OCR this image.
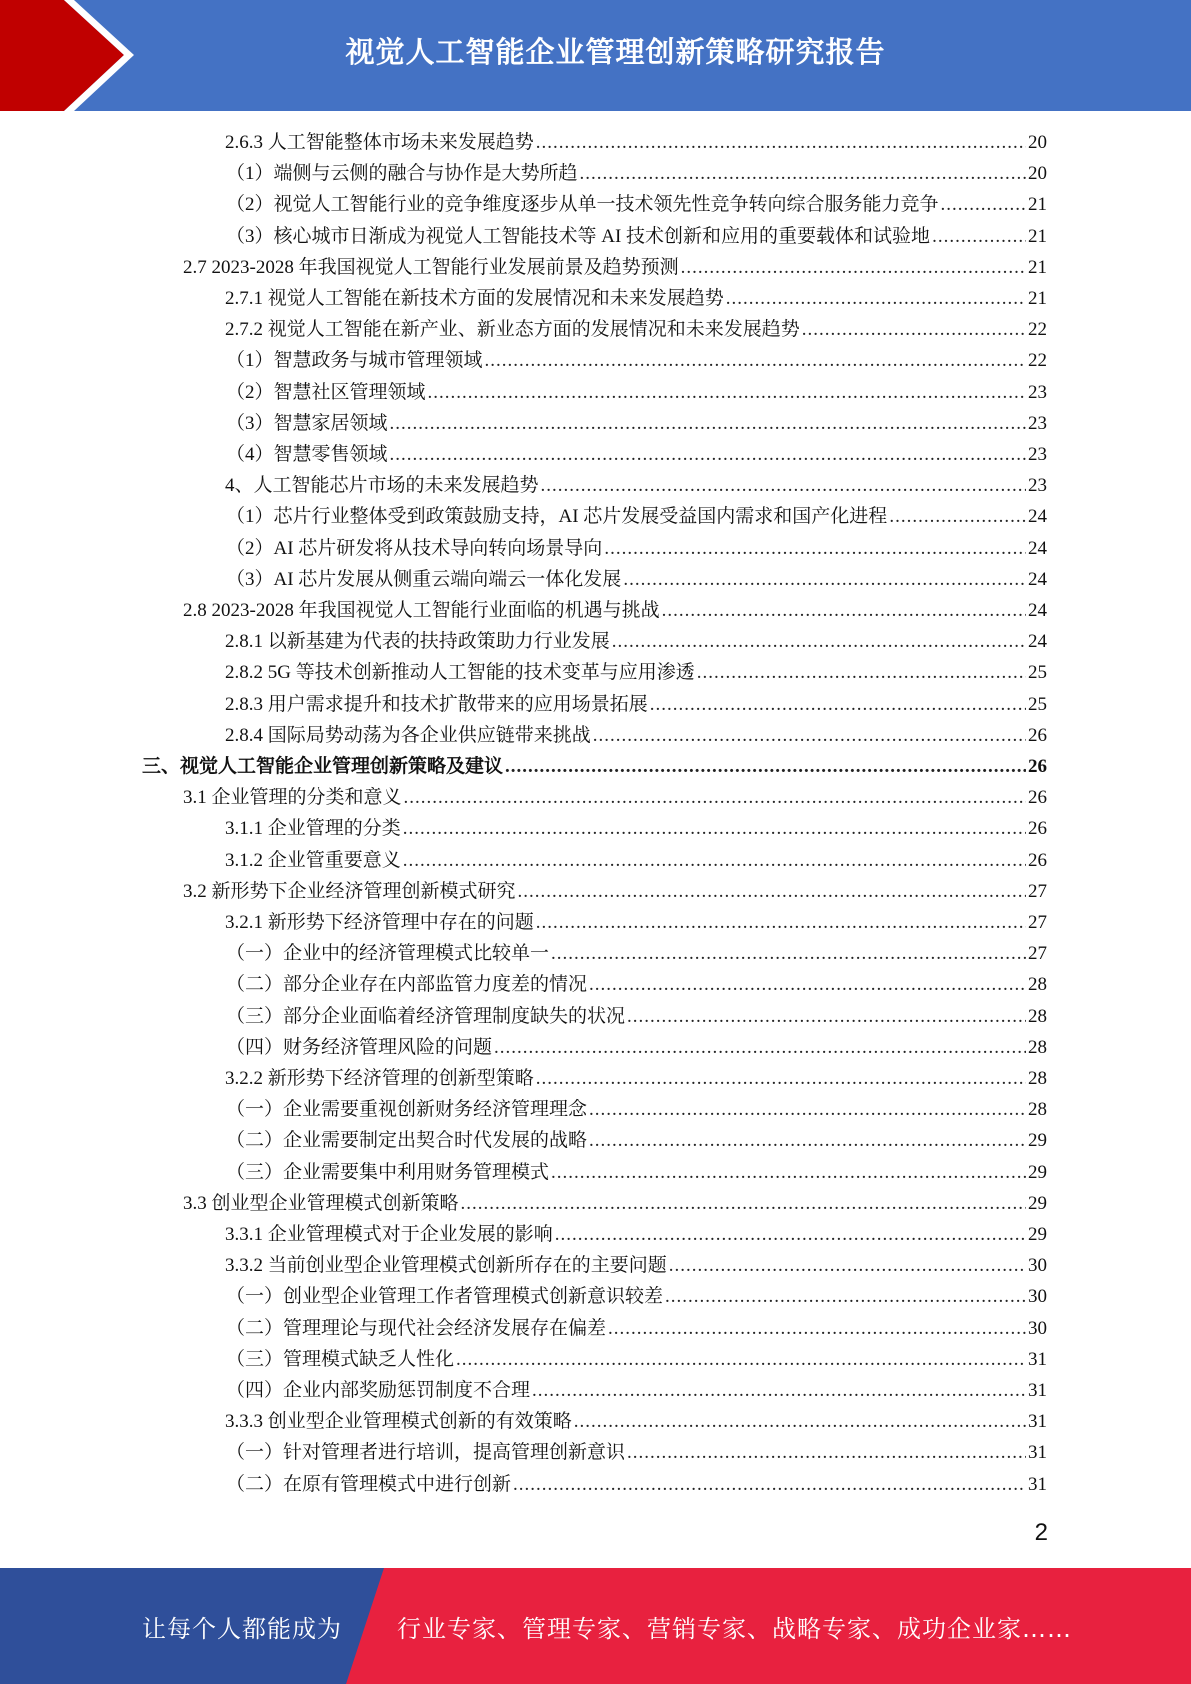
视觉人工智能企业管理创新策略研究报告
2.6.3 人工智能整体市场未来发展趋势 .....	20
（1）端侧与云侧的融合与协作是大势所趋 .....	20
（2）视觉人工智能行业的竞争维度逐步从单一技术领先性竞争转向综合服务能力竞争 .....	21
（3）核心城市日渐成为视觉人工智能技术等 AI 技术创新和应用的重要载体和试验地 .....	21
2.7 2023-2028 年我国视觉人工智能行业发展前景及趋势预测 .....	21
2.7.1 视觉人工智能在新技术方面的发展情况和未来发展趋势 .....	21
2.7.2 视觉人工智能在新产业、新业态方面的发展情况和未来发展趋势 .....	22
（1）智慧政务与城市管理领域 .....	22
（2）智慧社区管理领域 .....	23
（3）智慧家居领域 .....	23
（4）智慧零售领域 .....	23
4、人工智能芯片市场的未来发展趋势 .....	23
（1）芯片行业整体受到政策鼓励支持，AI 芯片发展受益国内需求和国产化进程 .....	24
（2）AI 芯片研发将从技术导向转向场景导向 .....	24
（3）AI 芯片发展从侧重云端向端云一体化发展 .....	24
2.8 2023-2028 年我国视觉人工智能行业面临的机遇与挑战 .....	24
2.8.1 以新基建为代表的扶持政策助力行业发展 .....	24
2.8.2 5G 等技术创新推动人工智能的技术变革与应用渗透 .....	25
2.8.3 用户需求提升和技术扩散带来的应用场景拓展 .....	25
2.8.4 国际局势动荡为各企业供应链带来挑战 .....	26
三、视觉人工智能企业管理创新策略及建议 .....	26
3.1 企业管理的分类和意义 .....	26
3.1.1 企业管理的分类 .....	26
3.1.2 企业管重要意义 .....	26
3.2 新形势下企业经济管理创新模式研究 .....	27
3.2.1 新形势下经济管理中存在的问题 .....	27
（一）企业中的经济管理模式比较单一 .....	27
（二）部分企业存在内部监管力度差的情况 .....	28
（三）部分企业面临着经济管理制度缺失的状况 .....	28
（四）财务经济管理风险的问题 .....	28
3.2.2 新形势下经济管理的创新型策略 .....	28
（一）企业需要重视创新财务经济管理理念 .....	28
（二）企业需要制定出契合时代发展的战略 .....	29
（三）企业需要集中利用财务管理模式 .....	29
3.3 创业型企业管理模式创新策略 .....	29
3.3.1 企业管理模式对于企业发展的影响 .....	29
3.3.2 当前创业型企业管理模式创新所存在的主要问题 .....	30
（一）创业型企业管理工作者管理模式创新意识较差 .....	30
（二）管理理论与现代社会经济发展存在偏差 .....	30
（三）管理模式缺乏人性化 .....	31
（四）企业内部奖励惩罚制度不合理 .....	31
3.3.3 创业型企业管理模式创新的有效策略 .....	31
（一）针对管理者进行培训，提高管理创新意识 .....	31
（二）在原有管理模式中进行创新 .....	31
2
让每个人都能成为 行业专家、管理专家、营销专家、战略专家、成功企业家……
